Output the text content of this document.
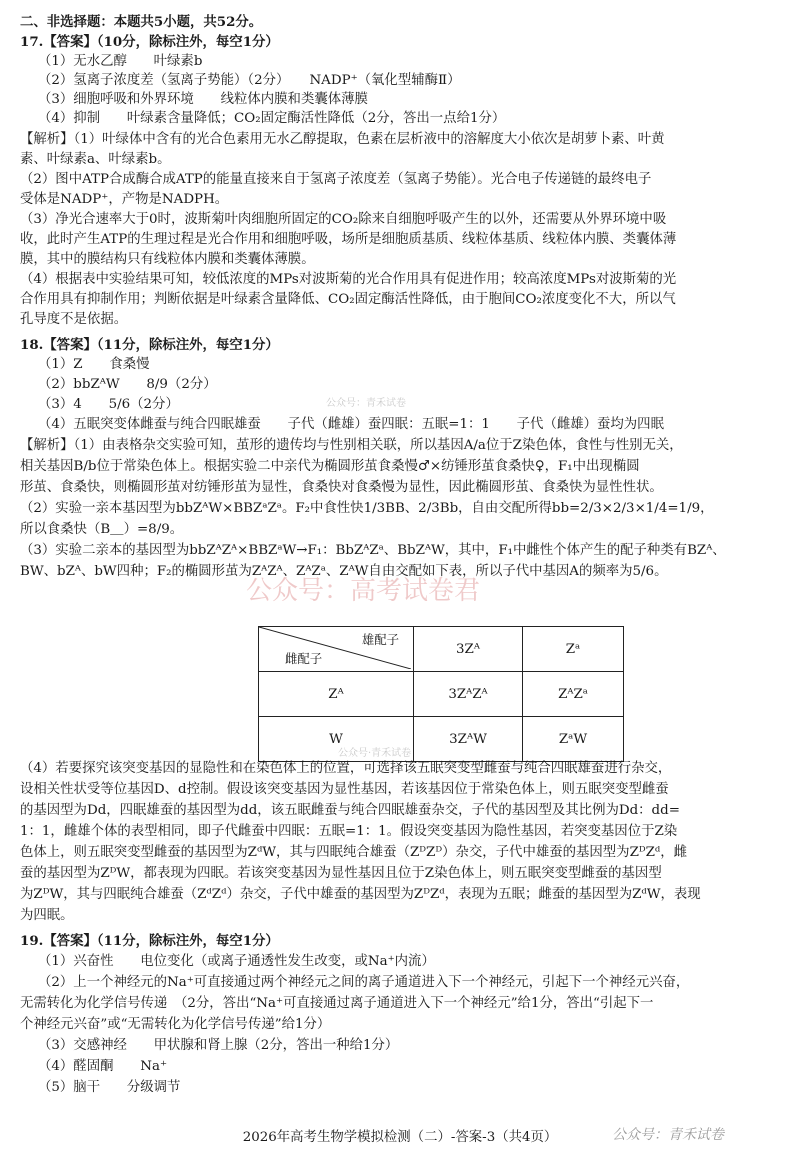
二、非选择题：本题共5小题，共52分。
17.【答案】（10分，除标注外，每空1分）
（1）无水乙醇　　叶绿素b
（2）氢离子浓度差（氢离子势能）（2分）　　NADP⁺（氧化型辅酶Ⅱ）
（3）细胞呼吸和外界环境　　线粒体内膜和类囊体薄膜
（4）抑制　　叶绿素含量降低；CO₂固定酶活性降低（2分，答出一点给1分）
【解析】（1）叶绿体中含有的光合色素用无水乙醇提取，色素在层析液中的溶解度大小依次是胡萝卜素、叶黄
素、叶绿素a、叶绿素b。
（2）图中ATP合成酶合成ATP的能量直接来自于氢离子浓度差（氢离子势能）。光合电子传递链的最终电子
受体是NADP⁺，产物是NADPH。
（3）净光合速率大于0时，波斯菊叶肉细胞所固定的CO₂除来自细胞呼吸产生的以外，还需要从外界环境中吸
收，此时产生ATP的生理过程是光合作用和细胞呼吸，场所是细胞质基质、线粒体基质、线粒体内膜、类囊体薄
膜，其中的膜结构只有线粒体内膜和类囊体薄膜。
（4）根据表中实验结果可知，较低浓度的MPs对波斯菊的光合作用具有促进作用；较高浓度MPs对波斯菊的光
合作用具有抑制作用；判断依据是叶绿素含量降低、CO₂固定酶活性降低，由于胞间CO₂浓度变化不大，所以气
孔导度不是依据。
18.【答案】（11分，除标注外，每空1分）
（1）Z　　食桑慢
（2）bbZᴬW　　8/9（2分）
（3）4　　5/6（2分）
（4）五眠突变体雌蚕与纯合四眠雄蚕　　子代（雌雄）蚕四眠：五眠=1：1　　子代（雌雄）蚕均为四眠
【解析】（1）由表格杂交实验可知，茧形的遗传均与性别相关联，所以基因A/a位于Z染色体，食性与性别无关，
相关基因B/b位于常染色体上。根据实验二中亲代为椭圆形茧食桑慢♂×纺锤形茧食桑快♀，F₁中出现椭圆
形茧、食桑快，则椭圆形茧对纺锤形茧为显性，食桑快对食桑慢为显性，因此椭圆形茧、食桑快为显性性状。
（2）实验一亲本基因型为bbZᴬW×BBZᵃZᵃ。F₂中食性快1/3BB、2/3Bb，自由交配所得bb=2/3×2/3×1/4=1/9，
所以食桑快（B＿）=8/9。
（3）实验二亲本的基因型为bbZᴬZᴬ×BBZᵃW→F₁：BbZᴬZᵃ、BbZᴬW，其中，F₁中雌性个体产生的配子种类有BZᴬ、
BW、bZᴬ、bW四种；F₂的椭圆形茧为ZᴬZᴬ、ZᴬZᵃ、ZᴬW自由交配如下表，所以子代中基因A的频率为5/6。
雄配子
雌配子	3Zᴬ	Zᵃ
Zᴬ	3ZᴬZᴬ	ZᴬZᵃ
W	3ZᴬW	ZᵃW
（4）若要探究该突变基因的显隐性和在染色体上的位置，可选择该五眠突变型雌蚕与纯合四眠雄蚕进行杂交，
设相关性状受等位基因D、d控制。假设该突变基因为显性基因，若该基因位于常染色体上，则五眠突变型雌蚕
的基因型为Dd，四眠雄蚕的基因型为dd，该五眠雌蚕与纯合四眠雄蚕杂交，子代的基因型及其比例为Dd：dd=
1：1，雌雄个体的表型相同，即子代雌蚕中四眠：五眠=1：1。假设突变基因为隐性基因，若突变基因位于Z染
色体上，则五眠突变型雌蚕的基因型为ZᵈW，其与四眠纯合雄蚕（ZᴰZᴰ）杂交，子代中雄蚕的基因型为ZᴰZᵈ，雌
蚕的基因型为ZᴰW，都表现为四眠。若该突变基因为显性基因且位于Z染色体上，则五眠突变型雌蚕的基因型
为ZᴰW，其与四眠纯合雄蚕（ZᵈZᵈ）杂交，子代中雄蚕的基因型为ZᴰZᵈ，表现为五眠；雌蚕的基因型为ZᵈW，表现
为四眠。
19.【答案】（11分，除标注外，每空1分）
（1）兴奋性　　电位变化（或离子通透性发生改变，或Na⁺内流）
（2）上一个神经元的Na⁺可直接通过两个神经元之间的离子通道进入下一个神经元，引起下一个神经元兴奋，
无需转化为化学信号传递　（2分，答出“Na⁺可直接通过离子通道进入下一个神经元”给1分，答出“引起下一
个神经元兴奋”或“无需转化为化学信号传递”给1分）
（3）交感神经　　甲状腺和肾上腺（2分，答出一种给1分）
（4）醛固酮　　Na⁺
（5）脑干　　分级调节
公众号：青禾试卷
公众号：高考试卷君
公众号·青禾试卷
公众号：青禾试卷
2026年高考生物学模拟检测（二）-答案-3（共4页）
